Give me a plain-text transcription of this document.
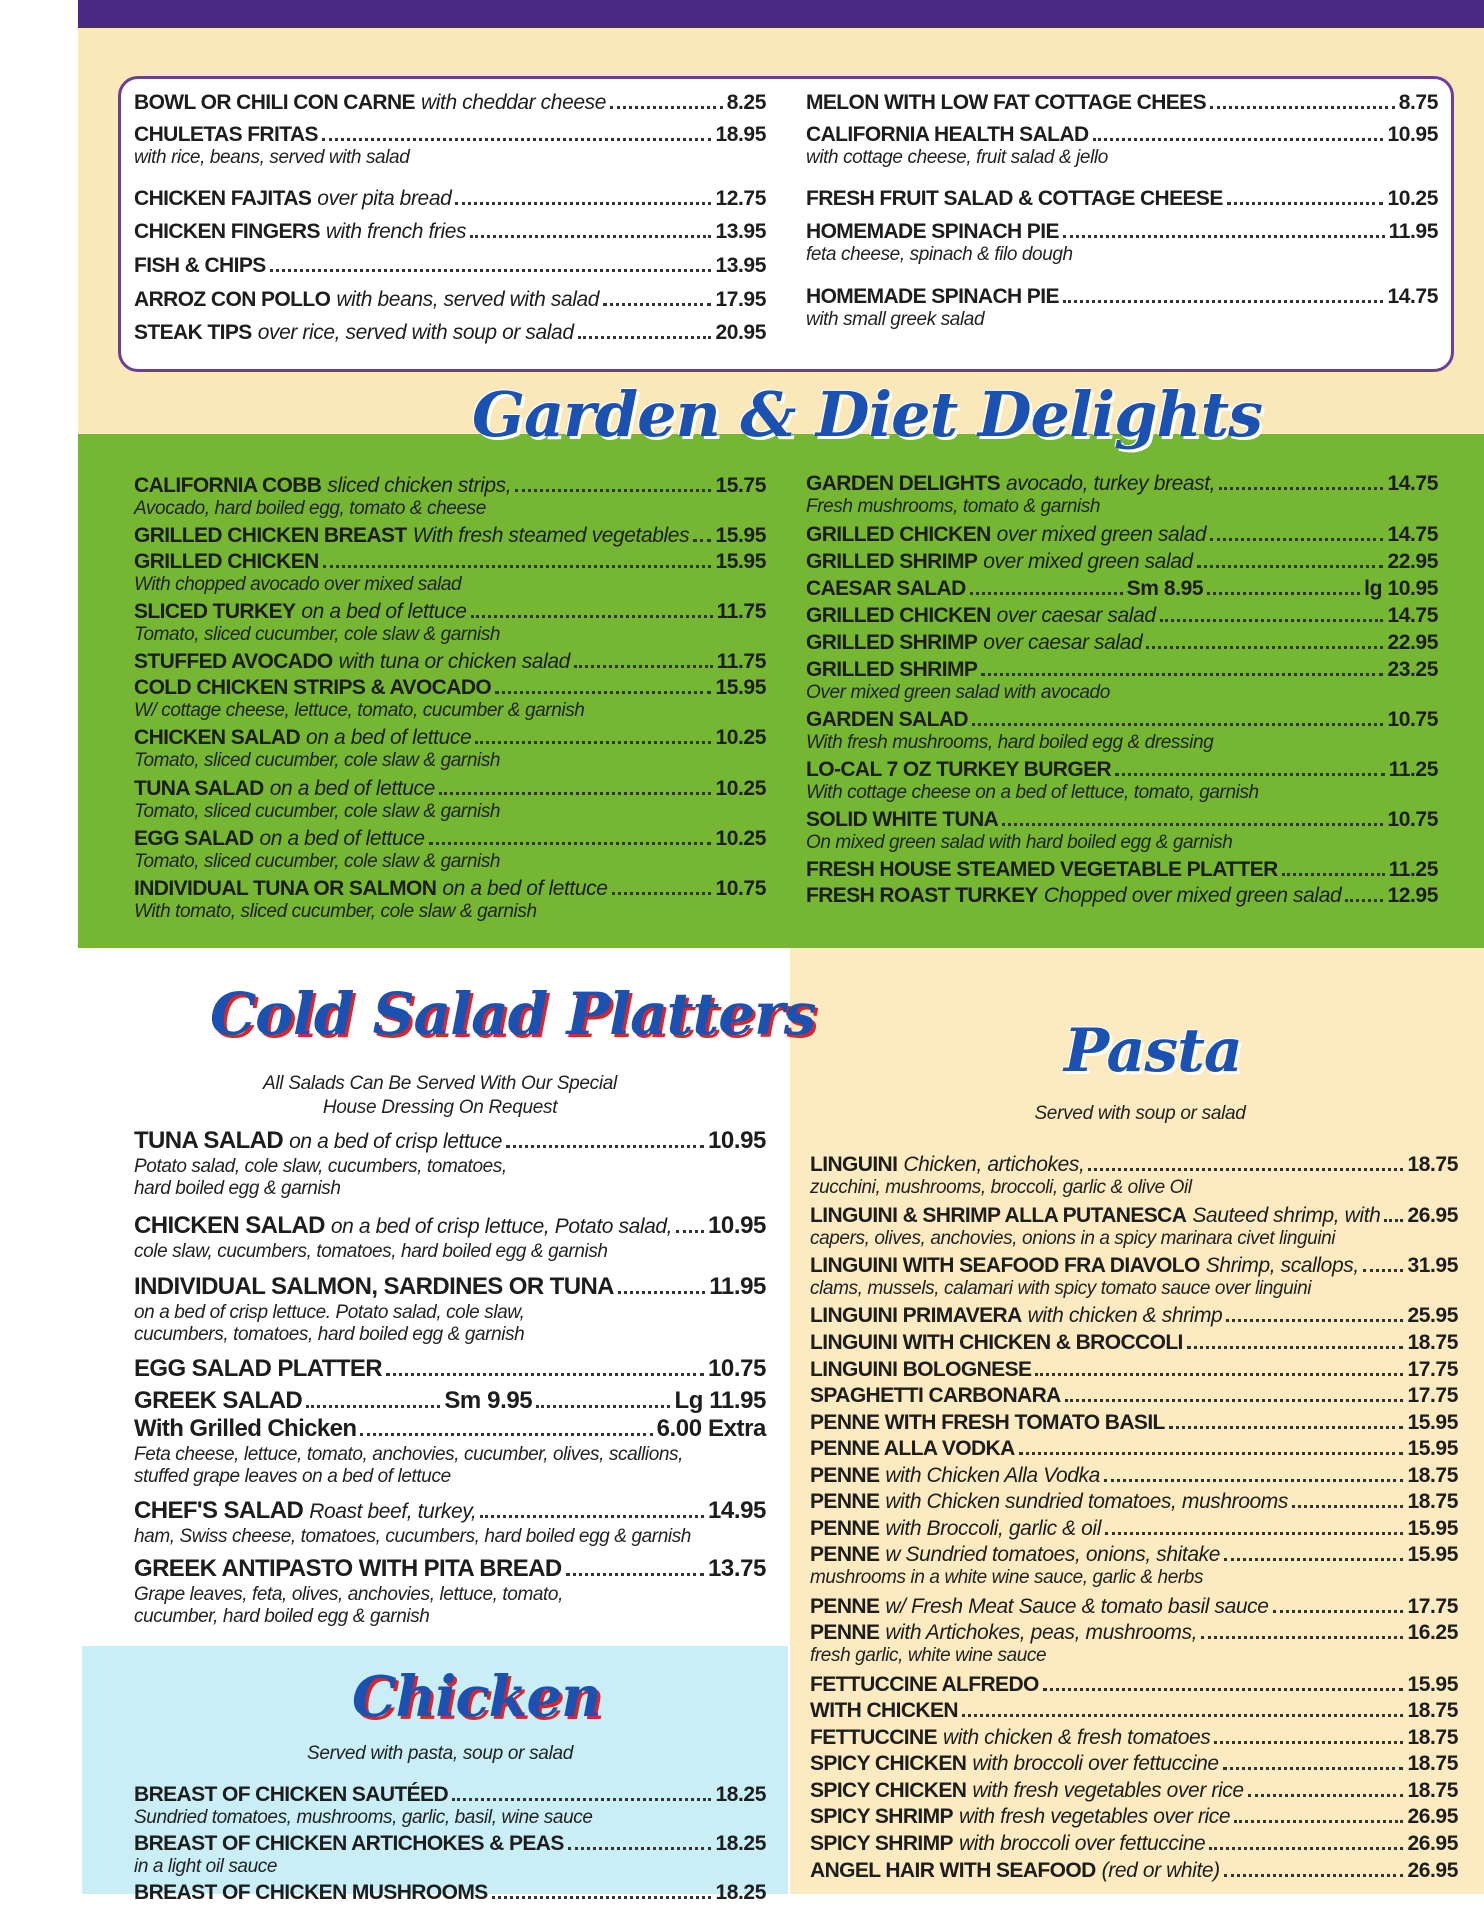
Garden & Diet Delights
Cold Salad Platters
All Salads Can Be Served With Our Special
House Dressing On Request
Chicken
Served with pasta, soup or salad
Pasta
Served with soup or salad
BOWL OR CHILI CON CARNE with cheddar cheese	8.25
CHULETAS FRITAS	18.95
with rice, beans, served with salad
CHICKEN FAJITAS over pita bread	12.75
CHICKEN FINGERS with french fries	13.95
FISH & CHIPS	13.95
ARROZ CON POLLO with beans, served with salad	17.95
STEAK TIPS over rice, served with soup or salad	20.95
MELON WITH LOW FAT COTTAGE CHEES	8.75
CALIFORNIA HEALTH SALAD	10.95
with cottage cheese, fruit salad & jello
FRESH FRUIT SALAD & COTTAGE CHEESE	10.25
HOMEMADE SPINACH PIE	11.95
feta cheese, spinach & filo dough
HOMEMADE SPINACH PIE	14.75
with small greek salad
CALIFORNIA COBB sliced chicken strips,	15.75
Avocado, hard boiled egg, tomato & cheese
GRILLED CHICKEN BREAST With fresh steamed vegetables 15.95
GRILLED CHICKEN	15.95
With chopped avocado over mixed salad
SLICED TURKEY on a bed of lettuce	11.75
Tomato, sliced cucumber, cole slaw & garnish
STUFFED AVOCADO with tuna or chicken salad	11.75
COLD CHICKEN STRIPS & AVOCADO	15.95
W/ cottage cheese, lettuce, tomato, cucumber & garnish
CHICKEN SALAD on a bed of lettuce	10.25
Tomato, sliced cucumber, cole slaw & garnish
TUNA SALAD on a bed of lettuce	10.25
Tomato, sliced cucumber, cole slaw & garnish
EGG SALAD on a bed of lettuce	10.25
Tomato, sliced cucumber, cole slaw & garnish
INDIVIDUAL TUNA OR SALMON on a bed of lettuce	10.75
With tomato, sliced cucumber, cole slaw & garnish
GARDEN DELIGHTS avocado, turkey breast,	14.75
Fresh mushrooms, tomato & garnish
GRILLED CHICKEN over mixed green salad	14.75
GRILLED SHRIMP over mixed green salad	22.95
CAESAR SALAD	Sm 8.95	lg 10.95
GRILLED CHICKEN over caesar salad	14.75
GRILLED SHRIMP over caesar salad	22.95
GRILLED SHRIMP	23.25
Over mixed green salad with avocado
GARDEN SALAD	10.75
With fresh mushrooms, hard boiled egg & dressing
LO-CAL 7 OZ TURKEY BURGER	11.25
With cottage cheese on a bed of lettuce, tomato, garnish
SOLID WHITE TUNA	10.75
On mixed green salad with hard boiled egg & garnish
FRESH HOUSE STEAMED VEGETABLE PLATTER	11.25
FRESH ROAST TURKEY Chopped over mixed green salad 12.95
TUNA SALAD on a bed of crisp lettuce	10.95
Potato salad, cole slaw, cucumbers, tomatoes,
hard boiled egg & garnish
CHICKEN SALAD on a bed of crisp lettuce, Potato salad, 10.95
cole slaw, cucumbers, tomatoes, hard boiled egg & garnish
INDIVIDUAL SALMON, SARDINES OR TUNA	11.95
on a bed of crisp lettuce. Potato salad, cole slaw,
cucumbers, tomatoes, hard boiled egg & garnish
EGG SALAD PLATTER	10.75
GREEK SALAD	Sm 9.95	Lg 11.95
With Grilled Chicken	6.00 Extra
Feta cheese, lettuce, tomato, anchovies, cucumber, olives, scallions,
stuffed grape leaves on a bed of lettuce
CHEF'S SALAD Roast beef, turkey,	14.95
ham, Swiss cheese, tomatoes, cucumbers, hard boiled egg & garnish
GREEK ANTIPASTO WITH PITA BREAD	13.75
Grape leaves, feta, olives, anchovies, lettuce, tomato,
cucumber, hard boiled egg & garnish
BREAST OF CHICKEN SAUTÉED	18.25
Sundried tomatoes, mushrooms, garlic, basil, wine sauce
BREAST OF CHICKEN ARTICHOKES & PEAS	18.25
in a light oil sauce
BREAST OF CHICKEN MUSHROOMS	18.25
LINGUINI Chicken, artichokes,	18.75
zucchini, mushrooms, broccoli, garlic & olive Oil
LINGUINI & SHRIMP ALLA PUTANESCA Sauteed shrimp, with 26.95
capers, olives, anchovies, onions in a spicy marinara civet linguini
LINGUINI WITH SEAFOOD FRA DIAVOLO Shrimp, scallops, 31.95
clams, mussels, calamari with spicy tomato sauce over linguini
LINGUINI PRIMAVERA with chicken & shrimp	25.95
LINGUINI WITH CHICKEN & BROCCOLI	18.75
LINGUINI BOLOGNESE	17.75
SPAGHETTI CARBONARA	17.75
PENNE WITH FRESH TOMATO BASIL	15.95
PENNE ALLA VODKA	15.95
PENNE with Chicken Alla Vodka	18.75
PENNE with Chicken sundried tomatoes, mushrooms	18.75
PENNE with Broccoli, garlic & oil	15.95
PENNE w Sundried tomatoes, onions, shitake	15.95
mushrooms in a white wine sauce, garlic & herbs
PENNE w/ Fresh Meat Sauce & tomato basil sauce	17.75
PENNE with Artichokes, peas, mushrooms,	16.25
fresh garlic, white wine sauce
FETTUCCINE ALFREDO	15.95
WITH CHICKEN	18.75
FETTUCCINE with chicken & fresh tomatoes	18.75
SPICY CHICKEN with broccoli over fettuccine	18.75
SPICY CHICKEN with fresh vegetables over rice	18.75
SPICY SHRIMP with fresh vegetables over rice	26.95
SPICY SHRIMP with broccoli over fettuccine	26.95
ANGEL HAIR WITH SEAFOOD (red or white)	26.95
